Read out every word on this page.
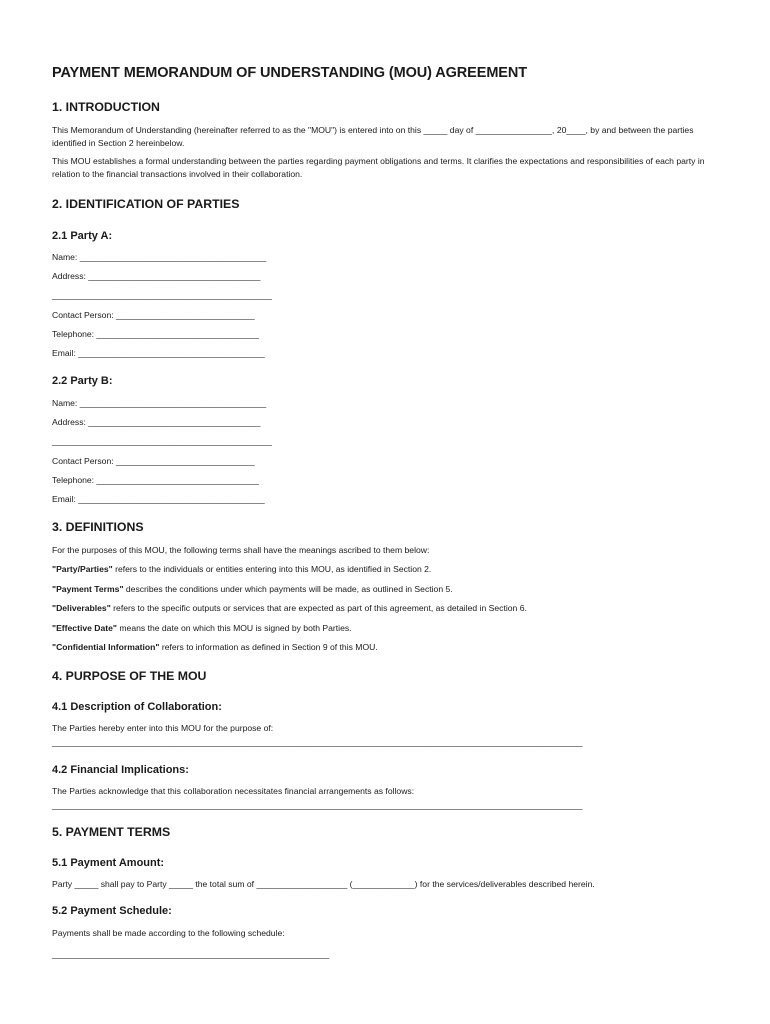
PAYMENT MEMORANDUM OF UNDERSTANDING (MOU) AGREEMENT
1. INTRODUCTION

This Memorandum of Understanding (hereinafter referred to as the "MOU") is entered into on this _____ day of ________________, 20____, by and between the parties identified in Section 2 hereinbelow.

This MOU establishes a formal understanding between the parties regarding payment obligations and terms. It clarifies the expectations and responsibilities of each party in relation to the financial transactions involved in their collaboration.

2. IDENTIFICATION OF PARTIES
2.1 Party A:

Name: _______________________________________

Address: ____________________________________

______________________________________________

Contact Person: _____________________________

Telephone: __________________________________

Email: _______________________________________

2.2 Party B:

Name: _______________________________________

Address: ____________________________________

______________________________________________

Contact Person: _____________________________

Telephone: __________________________________

Email: _______________________________________

3. DEFINITIONS

For the purposes of this MOU, the following terms shall have the meanings ascribed to them below:

"Party/Parties" refers to the individuals or entities entering into this MOU, as identified in Section 2.

"Payment Terms" describes the conditions under which payments will be made, as outlined in Section 5.

"Deliverables" refers to the specific outputs or services that are expected as part of this agreement, as detailed in Section 6.

"Effective Date" means the date on which this MOU is signed by both Parties.

"Confidential Information" refers to information as defined in Section 9 of this MOU.

4. PURPOSE OF THE MOU
4.1 Description of Collaboration:

The Parties hereby enter into this MOU for the purpose of:

_______________________________________________________________________________________________________________

4.2 Financial Implications:

The Parties acknowledge that this collaboration necessitates financial arrangements as follows:

_______________________________________________________________________________________________________________

5. PAYMENT TERMS
5.1 Payment Amount:

Party _____ shall pay to Party _____ the total sum of ___________________ (_____________) for the services/deliverables described herein.

5.2 Payment Schedule:

Payments shall be made according to the following schedule:

__________________________________________________________
